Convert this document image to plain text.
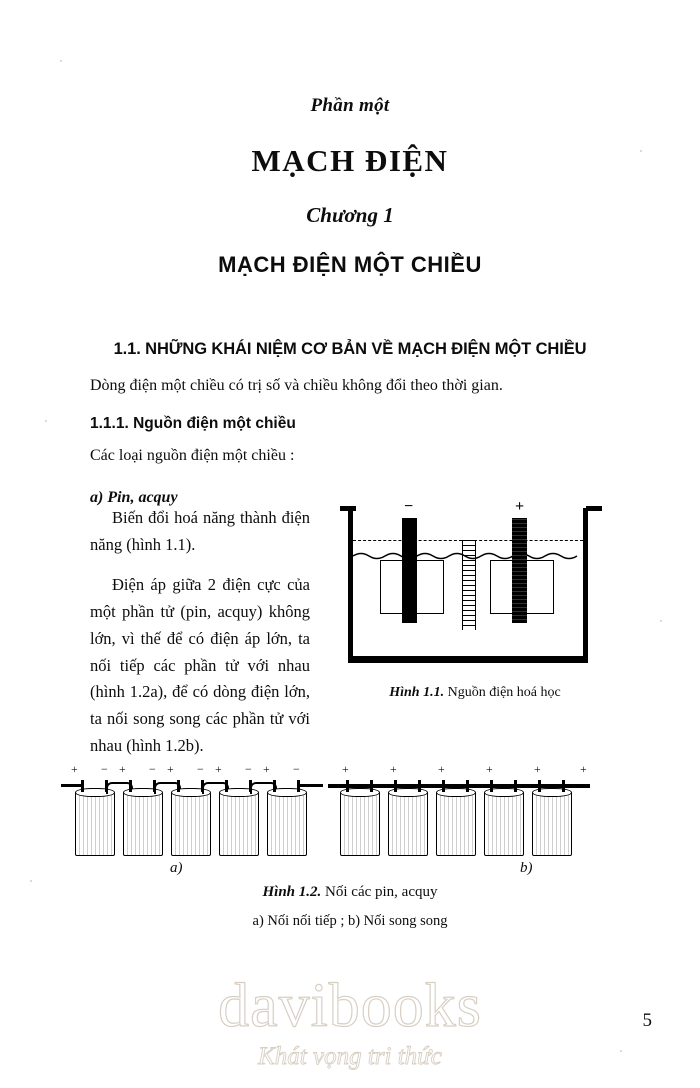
Phần một
MẠCH ĐIỆN
Chương 1
MẠCH ĐIỆN MỘT CHIỀU
1.1. NHỮNG KHÁI NIỆM CƠ BẢN VỀ MẠCH ĐIỆN MỘT CHIỀU
Dòng điện một chiều có trị số và chiều không đổi theo thời gian.
1.1.1. Nguồn điện một chiều
Các loại nguồn điện một chiều :
a) Pin, acquy

Biến đổi hoá năng thành điện năng (hình 1.1).

Điện áp giữa 2 điện cực của một phần tử (pin, acquy) không lớn, vì thế để có điện áp lớn, ta nối tiếp các phần tử với nhau (hình 1.2a), để có dòng điện lớn, ta nối song song các phần tử với nhau (hình 1.2b).

−	+
Hình 1.1. Nguồn điện hoá học
+ − + − + − + − + −	+	+	+	+	+	+
a)	b)
Hình 1.2. Nối các pin, acquy
a) Nối nối tiếp ; b) Nối song song
davibooks
Khát vọng tri thức
5
